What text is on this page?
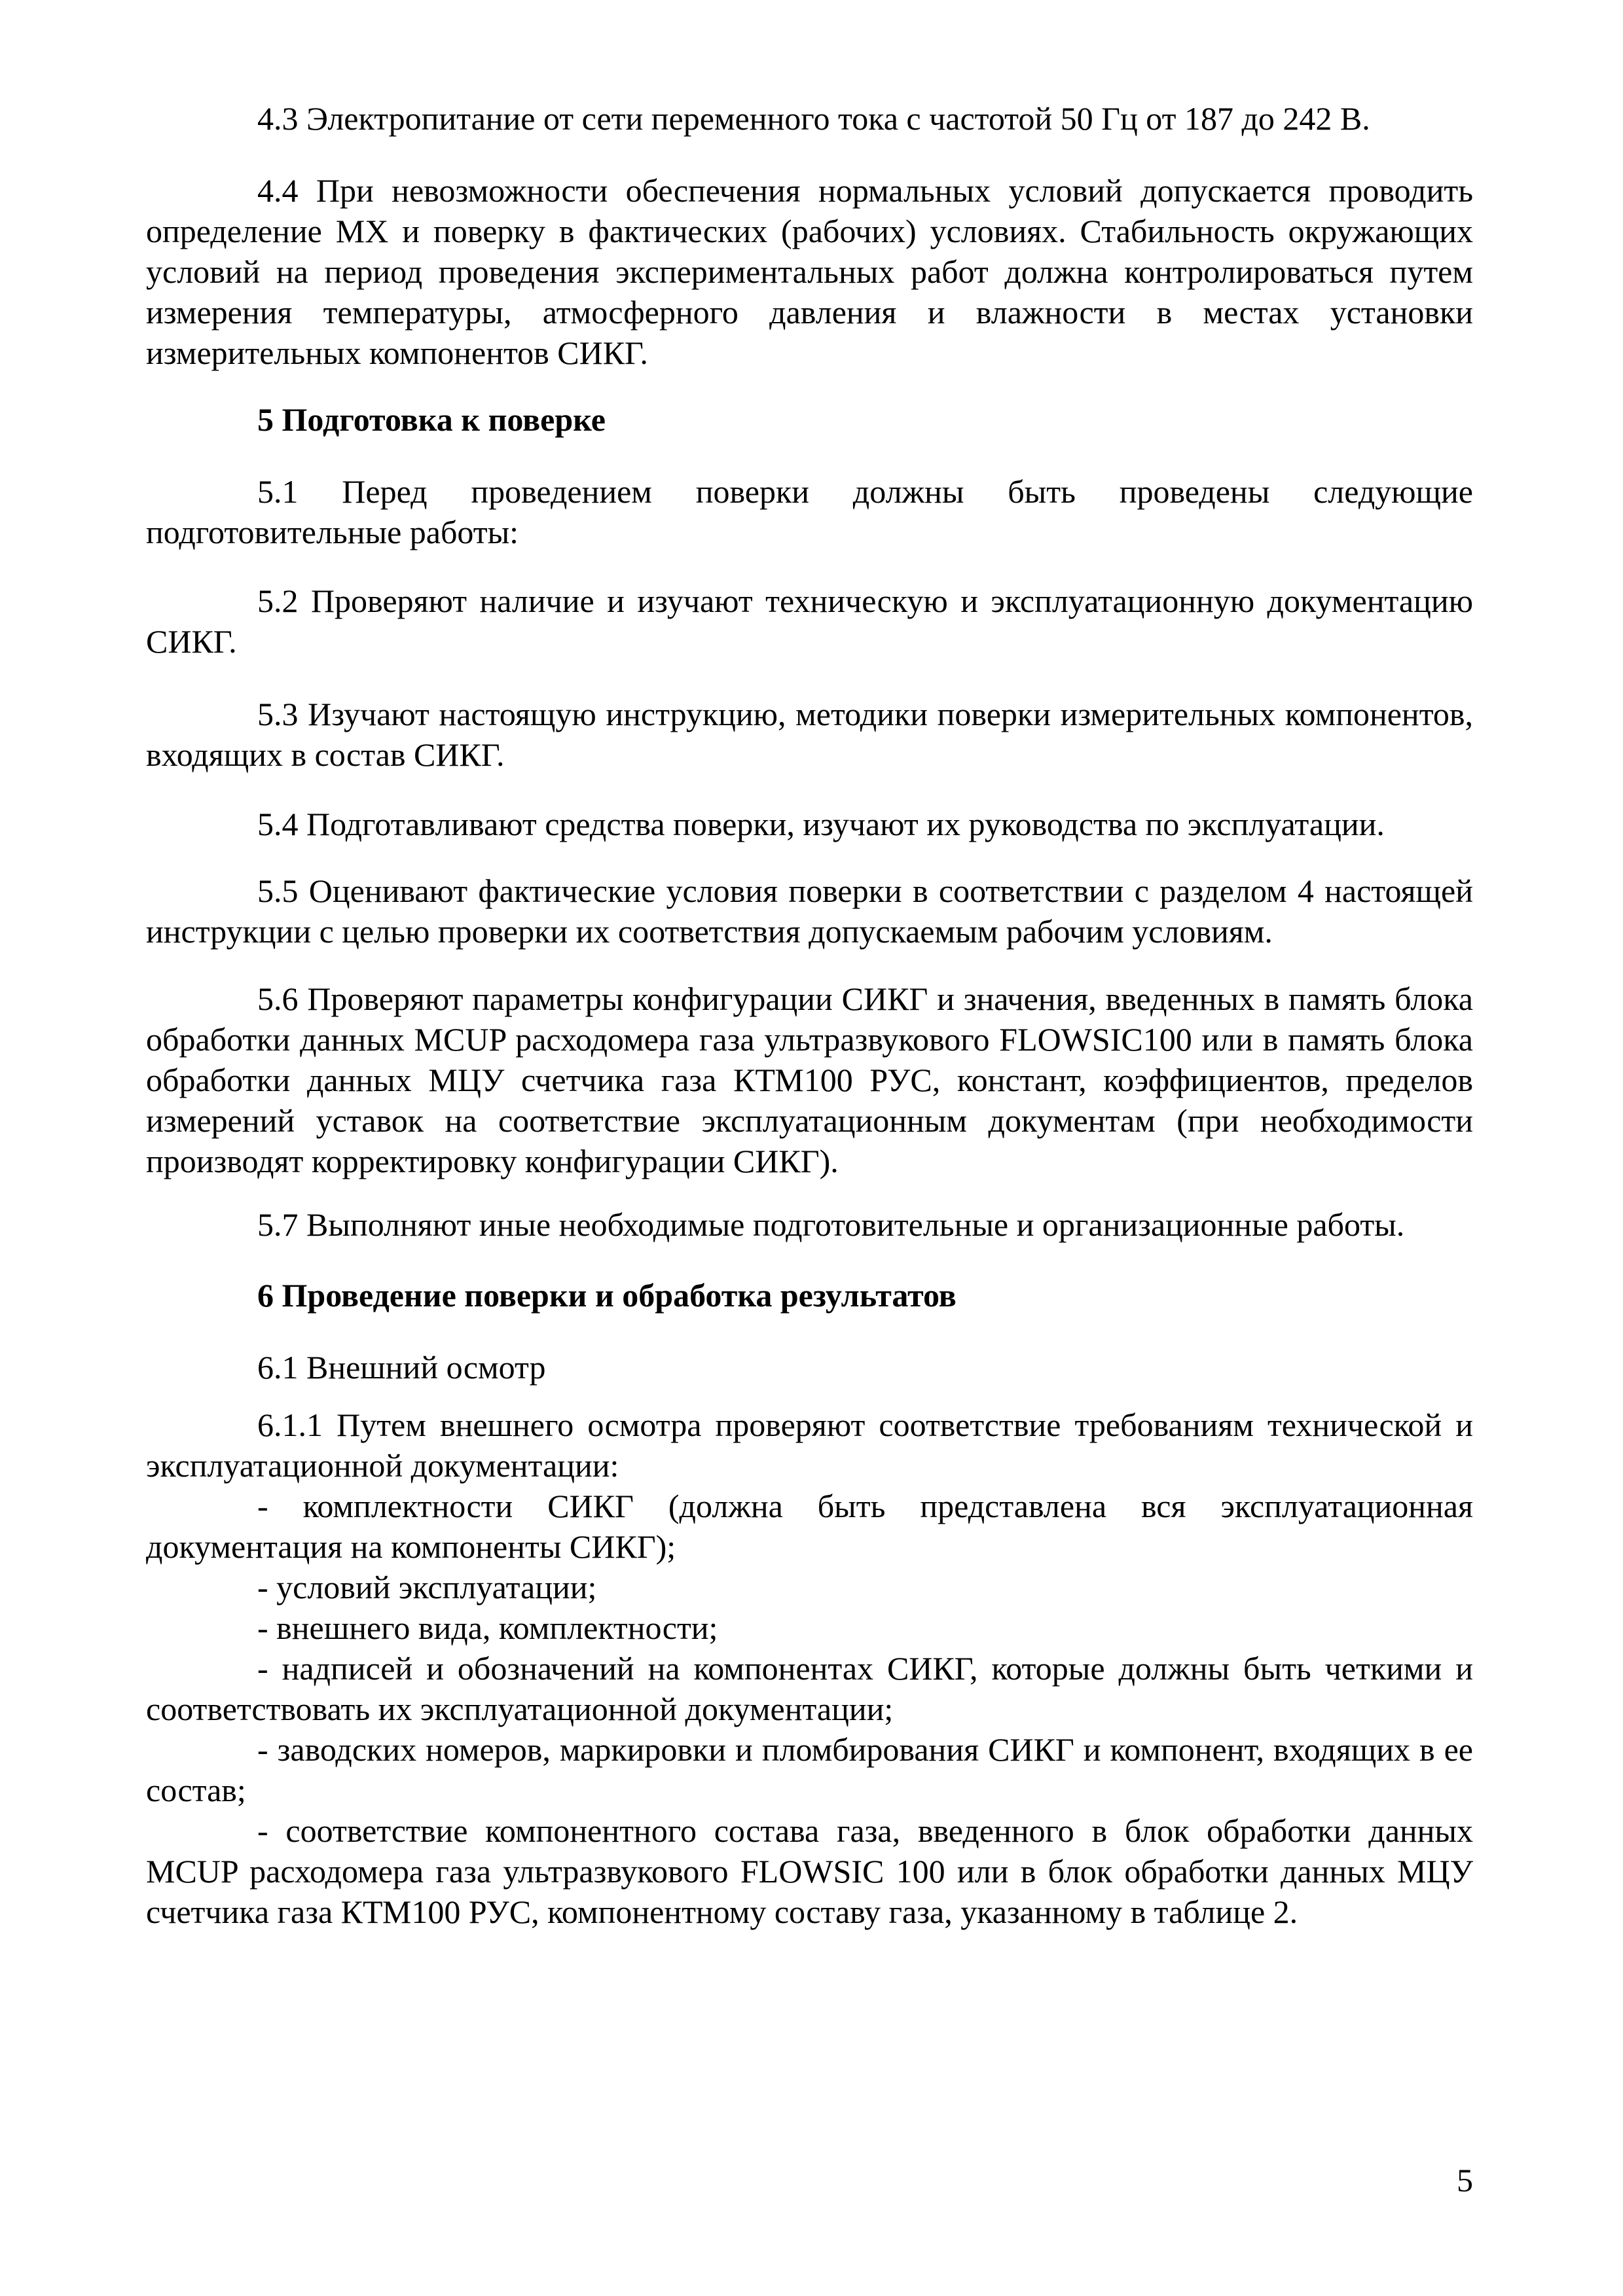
4.3 Электропитание от сети переменного тока с частотой 50 Гц от 187 до 242 В.
4.4 При невозможности обеспечения нормальных условий допускается проводить
определение МХ и поверку в фактических (рабочих) условиях. Стабильность окружающих
условий на период проведения экспериментальных работ должна контролироваться путем
измерения температуры, атмосферного давления и влажности в местах установки
измерительных компонентов СИКГ.
5 Подготовка к поверке
5.1 Перед проведением поверки должны быть проведены следующие
подготовительные работы:
5.2 Проверяют наличие и изучают техническую и эксплуатационную документацию
СИКГ.
5.3 Изучают настоящую инструкцию, методики поверки измерительных компонентов,
входящих в состав СИКГ.
5.4 Подготавливают средства поверки, изучают их руководства по эксплуатации.
5.5 Оценивают фактические условия поверки в соответствии с разделом 4 настоящей
инструкции с целью проверки их соответствия допускаемым рабочим условиям.
5.6 Проверяют параметры конфигурации СИКГ и значения, введенных в память блока
обработки данных MCUP расходомера газа ультразвукового FLOWSIC100 или в память блока
обработки данных МЦУ счетчика газа КТМ100 РУС, констант, коэффициентов, пределов
измерений уставок на соответствие эксплуатационным документам (при необходимости
производят корректировку конфигурации СИКГ).
5.7 Выполняют иные необходимые подготовительные и организационные работы.
6 Проведение поверки и обработка результатов
6.1 Внешний осмотр
6.1.1 Путем внешнего осмотра проверяют соответствие требованиям технической и
эксплуатационной документации:
- комплектности СИКГ (должна быть представлена вся эксплуатационная
документация на компоненты СИКГ);
- условий эксплуатации;
- внешнего вида, комплектности;
- надписей и обозначений на компонентах СИКГ, которые должны быть четкими и
соответствовать их эксплуатационной документации;
- заводских номеров, маркировки и пломбирования СИКГ и компонент, входящих в ее
состав;
- соответствие компонентного состава газа, введенного в блок обработки данных
MCUP расходомера газа ультразвукового FLOWSIC 100 или в блок обработки данных МЦУ
счетчика газа КТМ100 РУС, компонентному составу газа, указанному в таблице 2.
5
